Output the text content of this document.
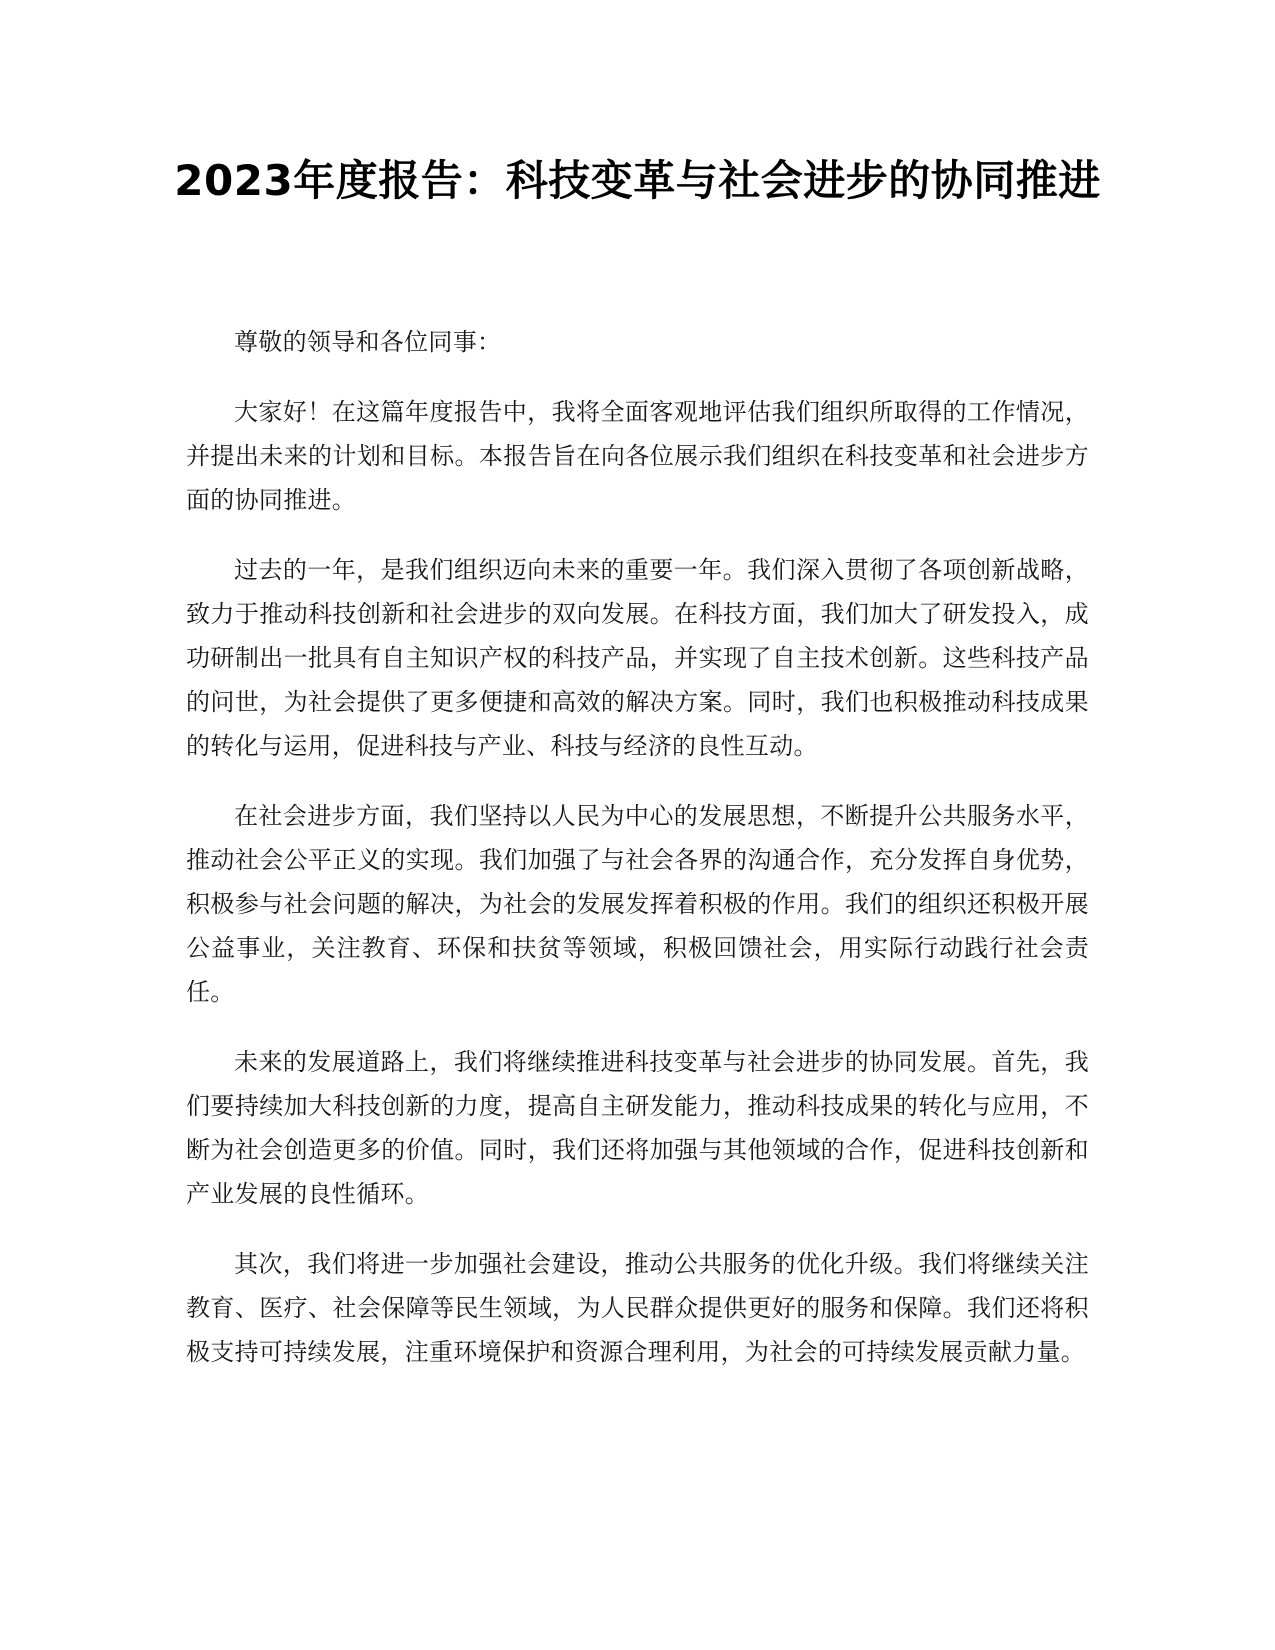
2023年度报告：科技变革与社会进步的协同推进

尊敬的领导和各位同事：

大家好！在这篇年度报告中，我将全面客观地评估我们组织所取得的工作情况，并提出未来的计划和目标。本报告旨在向各位展示我们组织在科技变革和社会进步方面的协同推进。

过去的一年，是我们组织迈向未来的重要一年。我们深入贯彻了各项创新战略，致力于推动科技创新和社会进步的双向发展。在科技方面，我们加大了研发投入，成功研制出一批具有自主知识产权的科技产品，并实现了自主技术创新。这些科技产品的问世，为社会提供了更多便捷和高效的解决方案。同时，我们也积极推动科技成果的转化与运用，促进科技与产业、科技与经济的良性互动。

在社会进步方面，我们坚持以人民为中心的发展思想，不断提升公共服务水平，推动社会公平正义的实现。我们加强了与社会各界的沟通合作，充分发挥自身优势，积极参与社会问题的解决，为社会的发展发挥着积极的作用。我们的组织还积极开展公益事业，关注教育、环保和扶贫等领域，积极回馈社会，用实际行动践行社会责任。

未来的发展道路上，我们将继续推进科技变革与社会进步的协同发展。首先，我们要持续加大科技创新的力度，提高自主研发能力，推动科技成果的转化与应用，不断为社会创造更多的价值。同时，我们还将加强与其他领域的合作，促进科技创新和产业发展的良性循环。

其次，我们将进一步加强社会建设，推动公共服务的优化升级。我们将继续关注教育、医疗、社会保障等民生领域，为人民群众提供更好的服务和保障。我们还将积极支持可持续发展，注重环境保护和资源合理利用，为社会的可持续发展贡献力量。
